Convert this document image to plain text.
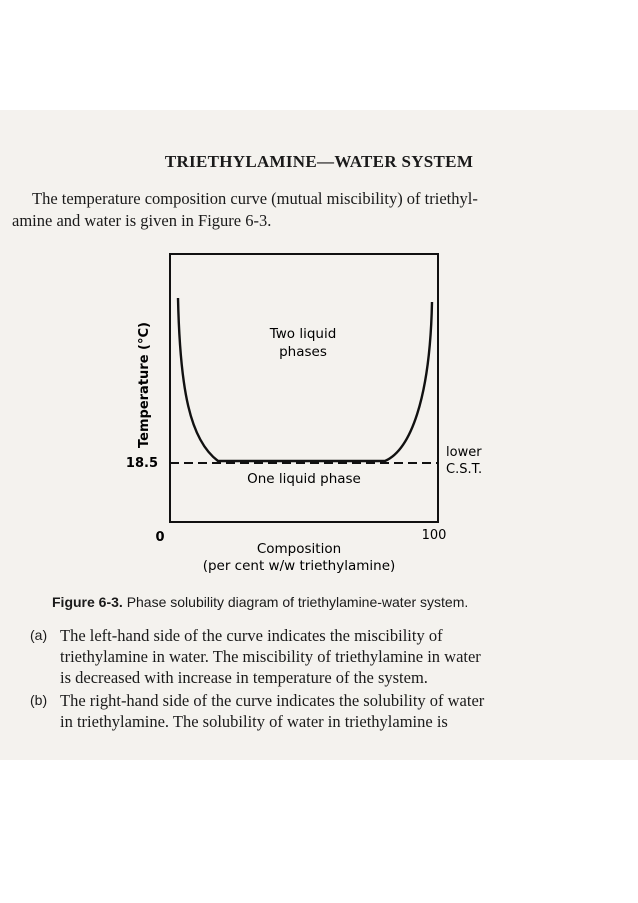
TRIETHYLAMINE—WATER SYSTEM

The temperature composition curve (mutual miscibility) of triethyl-

amine and water is given in Figure 6-3.

Temperature (°C)
18.5
0	100
Two liquid
phases
One liquid phase
lower
C.S.T.
Composition
(per cent w/w triethylamine)
Figure 6-3. Phase solubility diagram of triethylamine-water system.
(a) The left-hand side of the curve indicates the miscibility of

triethylamine in water. The miscibility of triethylamine in water

is decreased with increase in temperature of the system.

(b) The right-hand side of the curve indicates the solubility of water

in triethylamine. The solubility of water in triethylamine is
